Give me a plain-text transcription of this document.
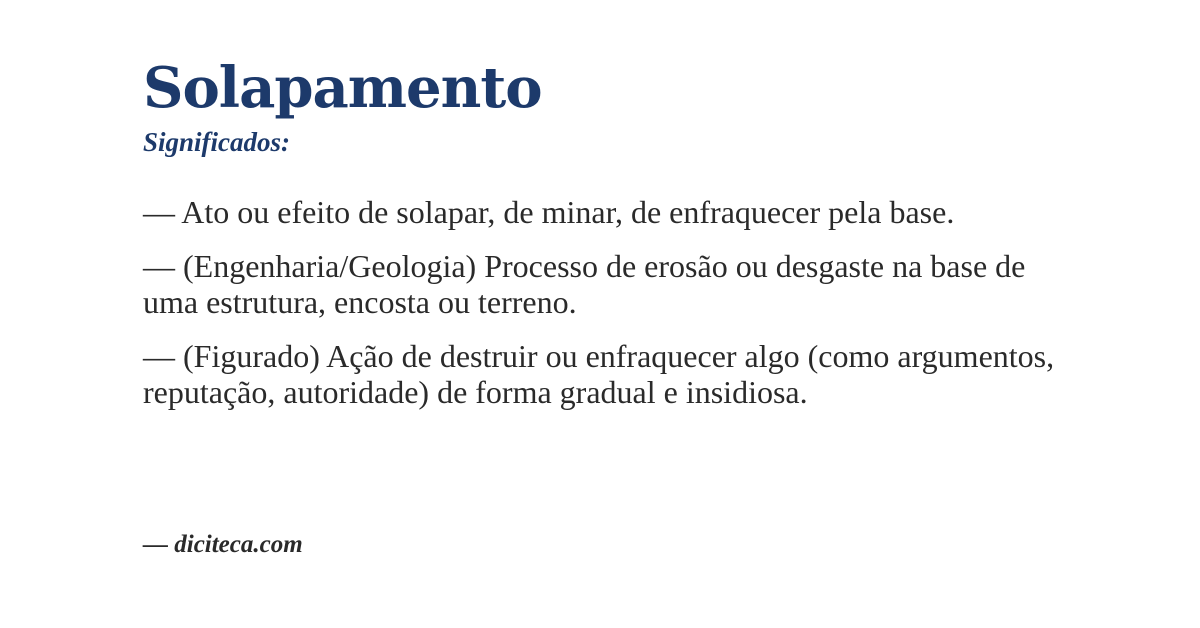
Solapamento
Significados:

— Ato ou efeito de solapar, de minar, de enfraquecer pela base.

— (Engenharia/Geologia) Processo de erosão ou desgaste na base de uma estrutura, encosta ou terreno.

— (Figurado) Ação de destruir ou enfraquecer algo (como argumentos, reputação, autoridade) de forma gradual e insidiosa.

— diciteca.com
